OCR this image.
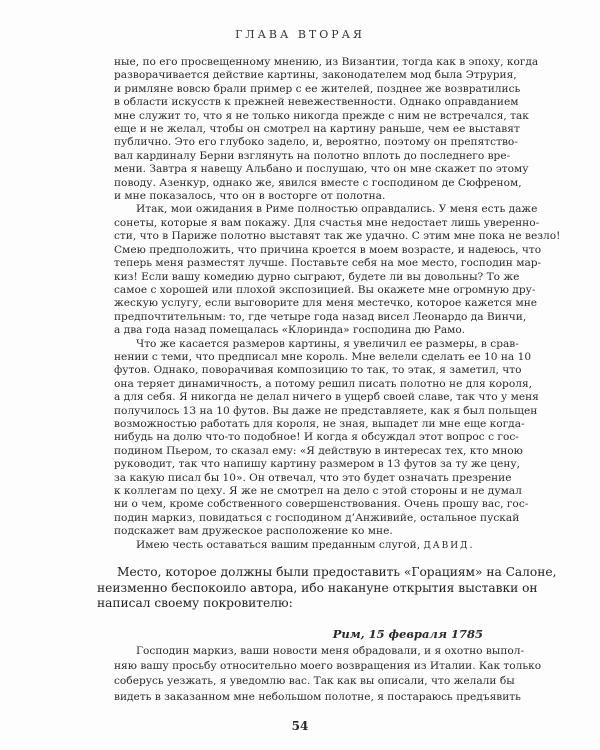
ГЛАВА ВТОРАЯ
ные, по его просвещенному мнению, из Византии, тогда как в эпоху, когда
разворачивается действие картины, законодателем мод была Этрурия,
и римляне вовсю брали пример с ее жителей, позднее же возвратились
в области искусств к прежней невежественности. Однако оправданием
мне служит то, что я не только никогда прежде с ним не встречался, так
еще и не желал, чтобы он смотрел на картину раньше, чем ее выставят
публично. Это его глубоко задело, и, вероятно, поэтому он препятство-
вал кардиналу Берни взглянуть на полотно вплоть до последнего вре-
мени. Завтра я навещу Альбано и послушаю, что он мне скажет по этому
поводу. Азенкур, однако же, явился вместе с господином де Сюфреном,
и мне показалось, что он в восторге от полотна.
Итак, мои ожидания в Риме полностью оправдались. У меня есть даже
сонеты, которые я вам покажу. Для счастья мне недостает лишь уверенно-
сти, что в Париже полотно выставят так же удачно. С этим мне пока не везло!
Смею предположить, что причина кроется в моем возрасте, и надеюсь, что
теперь меня разместят лучше. Поставьте себя на мое место, господин мар-
киз! Если вашу комедию дурно сыграют, будете ли вы довольны? То же
самое с хорошей или плохой экспозицией. Вы окажете мне огромную дру-
жескую услугу, если выговорите для меня местечко, которое кажется мне
предпочтительным: то, где четыре года назад висел Леонардо да Винчи,
а два года назад помещалась «Клоринда» господина дю Рамо.
Что же касается размеров картины, я увеличил ее размеры, в срав-
нении с теми, что предписал мне король. Мне велели сделать ее 10 на 10
футов. Однако, поворачивая композицию то так, то этак, я заметил, что
она теряет динамичность, а потому решил писать полотно не для короля,
а для себя. Я никогда не делал ничего в ущерб своей славе, так что у меня
получилось 13 на 10 футов. Вы даже не представляете, как я был польщен
возможностью работать для короля, не зная, выпадет ли мне еще когда-
нибудь на долю что-то подобное! И когда я обсуждал этот вопрос с гос-
подином Пьером, то сказал ему: «Я действую в интересах тех, кто мною
руководит, так что напишу картину размером в 13 футов за ту же цену,
за какую писал бы 10». Он отвечал, что это будет означать презрение
к коллегам по цеху. Я же не смотрел на дело с этой стороны и не думал
ни о чем, кроме собственного совершенствования. Очень прошу вас, гос-
подин маркиз, повидаться с господином д’Анживийе, остальное пускай
подскажет вам дружеское расположение ко мне.
Имею честь оставаться вашим преданным слугой, ДАВИД.
Место, которое должны были предоставить «Горациям» на Салоне,
неизменно беспокоило автора, ибо накануне открытия выставки он
написал своему покровителю:
Рим, 15 февраля 1785
Господин маркиз, ваши новости меня обрадовали, и я охотно выпол-
няю вашу просьбу относительно моего возвращения из Италии. Как только
соберусь уезжать, я уведомлю вас. Так как вы описали, что желали бы
видеть в заказанном мне небольшом полотне, я постараюсь предъявить
54
